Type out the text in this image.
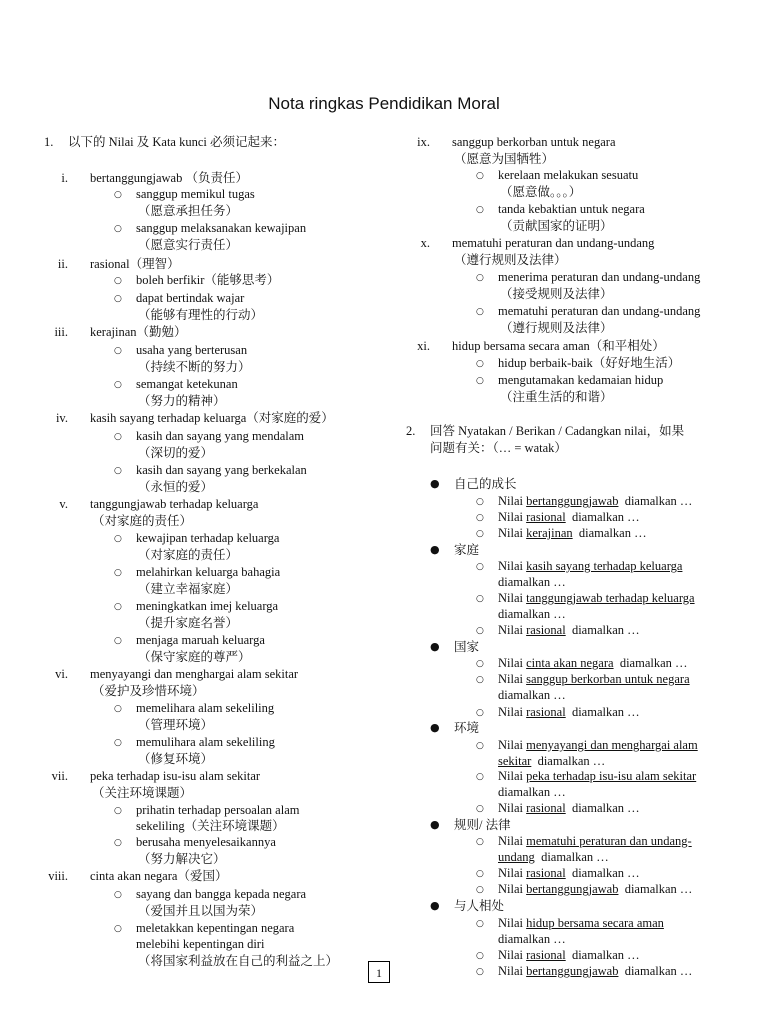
Nota ringkas Pendidikan Moral
1. 以下的 Nilai 及 Kata kunci 必须记起来：
i. bertanggungjawab （负责任）
○ sanggup memikul tugas
（愿意承担任务）
○ sanggup melaksanakan kewajipan
（愿意实行责任）
ii. rasional（理智）
○ boleh berfikir（能够思考）
○ dapat bertindak wajar
（能够有理性的行动）
iii. kerajinan（勤勉）
○ usaha yang berterusan
（持续不断的努力）
○ semangat ketekunan
（努力的精神）
iv. kasih sayang terhadap keluarga（对家庭的爱）
○ kasih dan sayang yang mendalam
（深切的爱）
○ kasih dan sayang yang berkekalan
（永恒的爱）
v. tanggungjawab terhadap keluarga
（对家庭的责任）
○ kewajipan terhadap keluarga
（对家庭的责任）
○ melahirkan keluarga bahagia
（建立幸福家庭）
○ meningkatkan imej keluarga
（提升家庭名誉）
○ menjaga maruah keluarga
（保守家庭的尊严）
vi. menyayangi dan menghargai alam sekitar
（爱护及珍惜环境）
○ memelihara alam sekeliling
（管理环境）
○ memulihara alam sekeliling
（修复环境）
vii. peka terhadap isu-isu alam sekitar
（关注环境课题）
○ prihatin terhadap persoalan alam
sekeliling（关注环境课题）
○ berusaha menyelesaikannya
（努力解决它）
viii. cinta akan negara（爱国）
○ sayang dan bangga kepada negara
（爱国并且以国为荣）
○ meletakkan kepentingan negara
melebihi kepentingan diri
（将国家利益放在自己的利益之上）
ix. sanggup berkorban untuk negara
（愿意为国牺牲）
○ kerelaan melakukan sesuatu
（愿意做。。。）
○ tanda kebaktian untuk negara
（贡献国家的证明）
x. mematuhi peraturan dan undang-undang
（遵行规则及法律）
○ menerima peraturan dan undang-undang
（接受规则及法律）
○ mematuhi peraturan dan undang-undang
（遵行规则及法律）
xi. hidup bersama secara aman（和平相处）
○ hidup berbaik-baik（好好地生活）
○ mengutamakan kedamaian hidup
（注重生活的和谐）
2. 回答 Nyatakan / Berikan / Cadangkan nilai，如果
问题有关：（… = watak）
● 自己的成长
○ Nilai bertanggungjawab diamalkan …
○ Nilai rasional diamalkan …
○ Nilai kerajinan diamalkan …
● 家庭
○ Nilai kasih sayang terhadap keluarga
diamalkan …
○ Nilai tanggungjawab terhadap keluarga
diamalkan …
○ Nilai rasional diamalkan …
● 国家
○ Nilai cinta akan negara diamalkan …
○ Nilai sanggup berkorban untuk negara
diamalkan …
○ Nilai rasional diamalkan …
● 环境
○ Nilai menyayangi dan menghargai alam
sekitar diamalkan …
○ Nilai peka terhadap isu-isu alam sekitar
diamalkan …
○ Nilai rasional diamalkan …
● 规则/ 法律
○ Nilai mematuhi peraturan dan undang-
undang diamalkan …
○ Nilai rasional diamalkan …
○ Nilai bertanggungjawab diamalkan …
● 与人相处
○ Nilai hidup bersama secara aman
diamalkan …
○ Nilai rasional diamalkan …
○ Nilai bertanggungjawab diamalkan …
1
